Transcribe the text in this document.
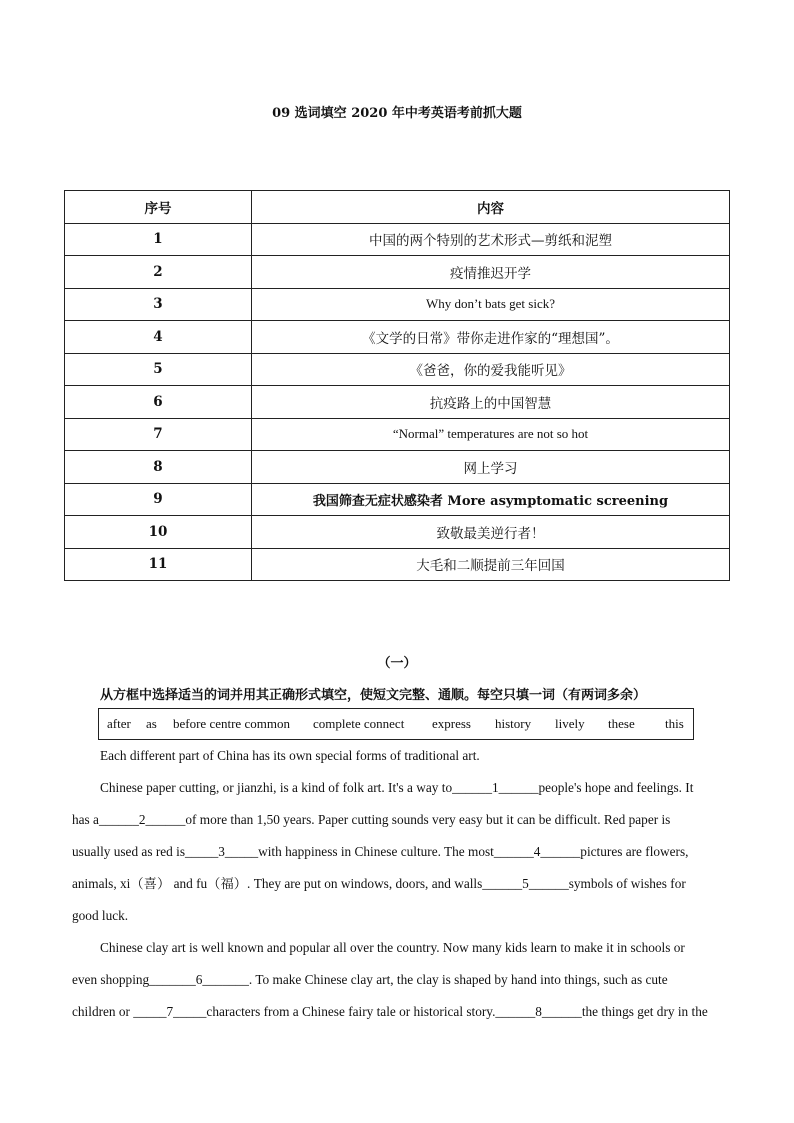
09 选词填空 2020 年中考英语考前抓大题
序号	内容
1	中国的两个特别的艺术形式—剪纸和泥塑
2	疫情推迟开学
3	Why don’t bats get sick?
4	《文学的日常》带你走进作家的“理想国”。
5	《爸爸，你的爱我能听见》
6	抗疫路上的中国智慧
7	“Normal” temperatures are not so hot
8	网上学习
9	我国筛查无症状感染者 More asymptomatic screening
10	致敬最美逆行者！
11	大毛和二顺提前三年回国
（一）
从方框中选择适当的词并用其正确形式填空，使短文完整、通顺。每空只填一词（有两词多余）
after as before centre common complete connect express history lively these this
Each different part of China has its own special forms of traditional art.
Chinese paper cutting, or jianzhi, is a kind of folk art. It's a way to______1______people's hope and feelings. It
has a______2______of more than 1,50 years. Paper cutting sounds very easy but it can be difficult. Red paper is
usually used as red is_____3_____with happiness in Chinese culture. The most______4______pictures are flowers,
animals, xi（喜） and fu（福）. They are put on windows, doors, and walls______5______symbols of wishes for
good luck.
Chinese clay art is well known and popular all over the country. Now many kids learn to make it in schools or
even shopping_______6_______. To make Chinese clay art, the clay is shaped by hand into things, such as cute
children or _____7_____characters from a Chinese fairy tale or historical story.______8______the things get dry in the
